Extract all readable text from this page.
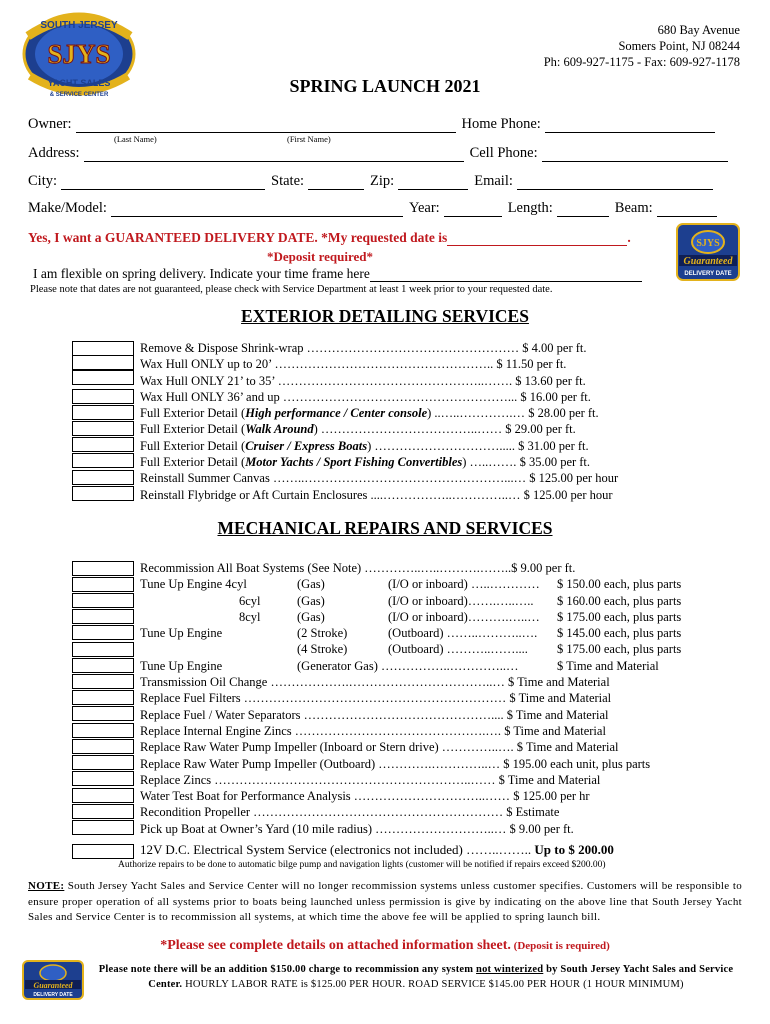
SOUTH JERSEY
SJYS
YACHT SALES
& SERVICE CENTER
680 Bay Avenue
Somers Point, NJ 08244
Ph: 609-927-1175 - Fax: 609-927-1178
SPRING LAUNCH 2021
Owner:	Home Phone:
(Last Name)	(First Name)
Address:	Cell Phone:
City:	State:	Zip:	Email:
Make/Model:	Year:	Length:	Beam:
Yes, I want a GUARANTEED DELIVERY DATE. *My requested date is	.
*Deposit required*
I am flexible on spring delivery. Indicate your time frame here
Please note that dates are not guaranteed, please check with Service Department at least 1 week prior to your requested date.
SJYS
Guaranteed
DELIVERY DATE
EXTERIOR DETAILING SERVICES
Remove & Dispose Shrink-wrap …………………………………………… $ 4.00 per ft.
Wax Hull ONLY up to 20’ …………………………………………….. $ 11.50 per ft.
Wax Hull ONLY 21’ to 35’ …………………………………………..……. $ 13.60 per ft.
Wax Hull ONLY 36’ and up ………………………………………………... $ 16.00 per ft.
Full Exterior Detail (High performance / Center console) ..…..………….… $ 28.00 per ft.
Full Exterior Detail (Walk Around) ………………………………..…… $ 29.00 per ft.
Full Exterior Detail (Cruiser / Express Boats) …………………………..... $ 31.00 per ft.
Full Exterior Detail (Motor Yachts / Sport Fishing Convertibles) …..……. $ 35.00 per ft.
Reinstall Summer Canvas ……..…………………………………………...… $ 125.00 per hour
Reinstall Flybridge or Aft Curtain Enclosures ....……………..…………..… $ 125.00 per hour
MECHANICAL REPAIRS AND SERVICES
Recommission All Boat Systems (See Note) …………..…..……….……..$ 9.00 per ft.
Tune Up Engine 4cyl	(Gas)	(I/O or inboard) …..………… $ 150.00 each, plus parts
6cyl	(Gas)	(I/O or inboard)…….…..….. $ 160.00 each, plus parts
8cyl	(Gas)	(I/O or inboard)……….…..… $ 175.00 each, plus parts
Tune Up Engine	(2 Stroke)	(Outboard) ……..………..…. $ 145.00 each, plus parts
(4 Stroke)	(Outboard) ………..…….... $ 175.00 each, plus parts
Tune Up Engine	(Generator Gas) ……………..…………..…	$ Time and Material
Transmission Oil Change ……………….……………………………..… $ Time and Material
Replace Fuel Filters ……………………………………………………… $ Time and Material
Replace Fuel / Water Separators ……………………………………….... $ Time and Material
Replace Internal Engine Zincs ……………………………………….…. $ Time and Material
Replace Raw Water Pump Impeller (Inboard or Stern drive) …………..…. $ Time and Material
Replace Raw Water Pump Impeller (Outboard) ………….…………..… $ 195.00 each unit, plus parts
Replace Zincs ……………………………………………………..…… $ Time and Material
Water Test Boat for Performance Analysis …………………………..…… $ 125.00 per hr
Recondition Propeller …………………………………………………… $ Estimate
Pick up Boat at Owner’s Yard (10 mile radius) ………………………..… $ 9.00 per ft.
12V D.C. Electrical System Service (electronics not included) ……..…….. Up to $ 200.00
Authorize repairs to be done to automatic bilge pump and navigation lights (customer will be notified if repairs exceed $200.00)
NOTE: South Jersey Yacht Sales and Service Center will no longer recommission systems unless customer specifies. Customers will be responsible to ensure proper operation of all systems prior to boats being launched unless permission is give by indicating on the above line that South Jersey Yacht Sales and Service Center is to recommission all systems, at which time the above fee will be applied to spring launch bill.
*Please see complete details on attached information sheet. (Deposit is required)
Guaranteed
DELIVERY DATE
Please note there will be an addition $150.00 charge to recommission any system not winterized by South Jersey Yacht Sales and Service Center. HOURLY LABOR RATE is $125.00 PER HOUR. ROAD SERVICE $145.00 PER HOUR (1 HOUR MINIMUM)
